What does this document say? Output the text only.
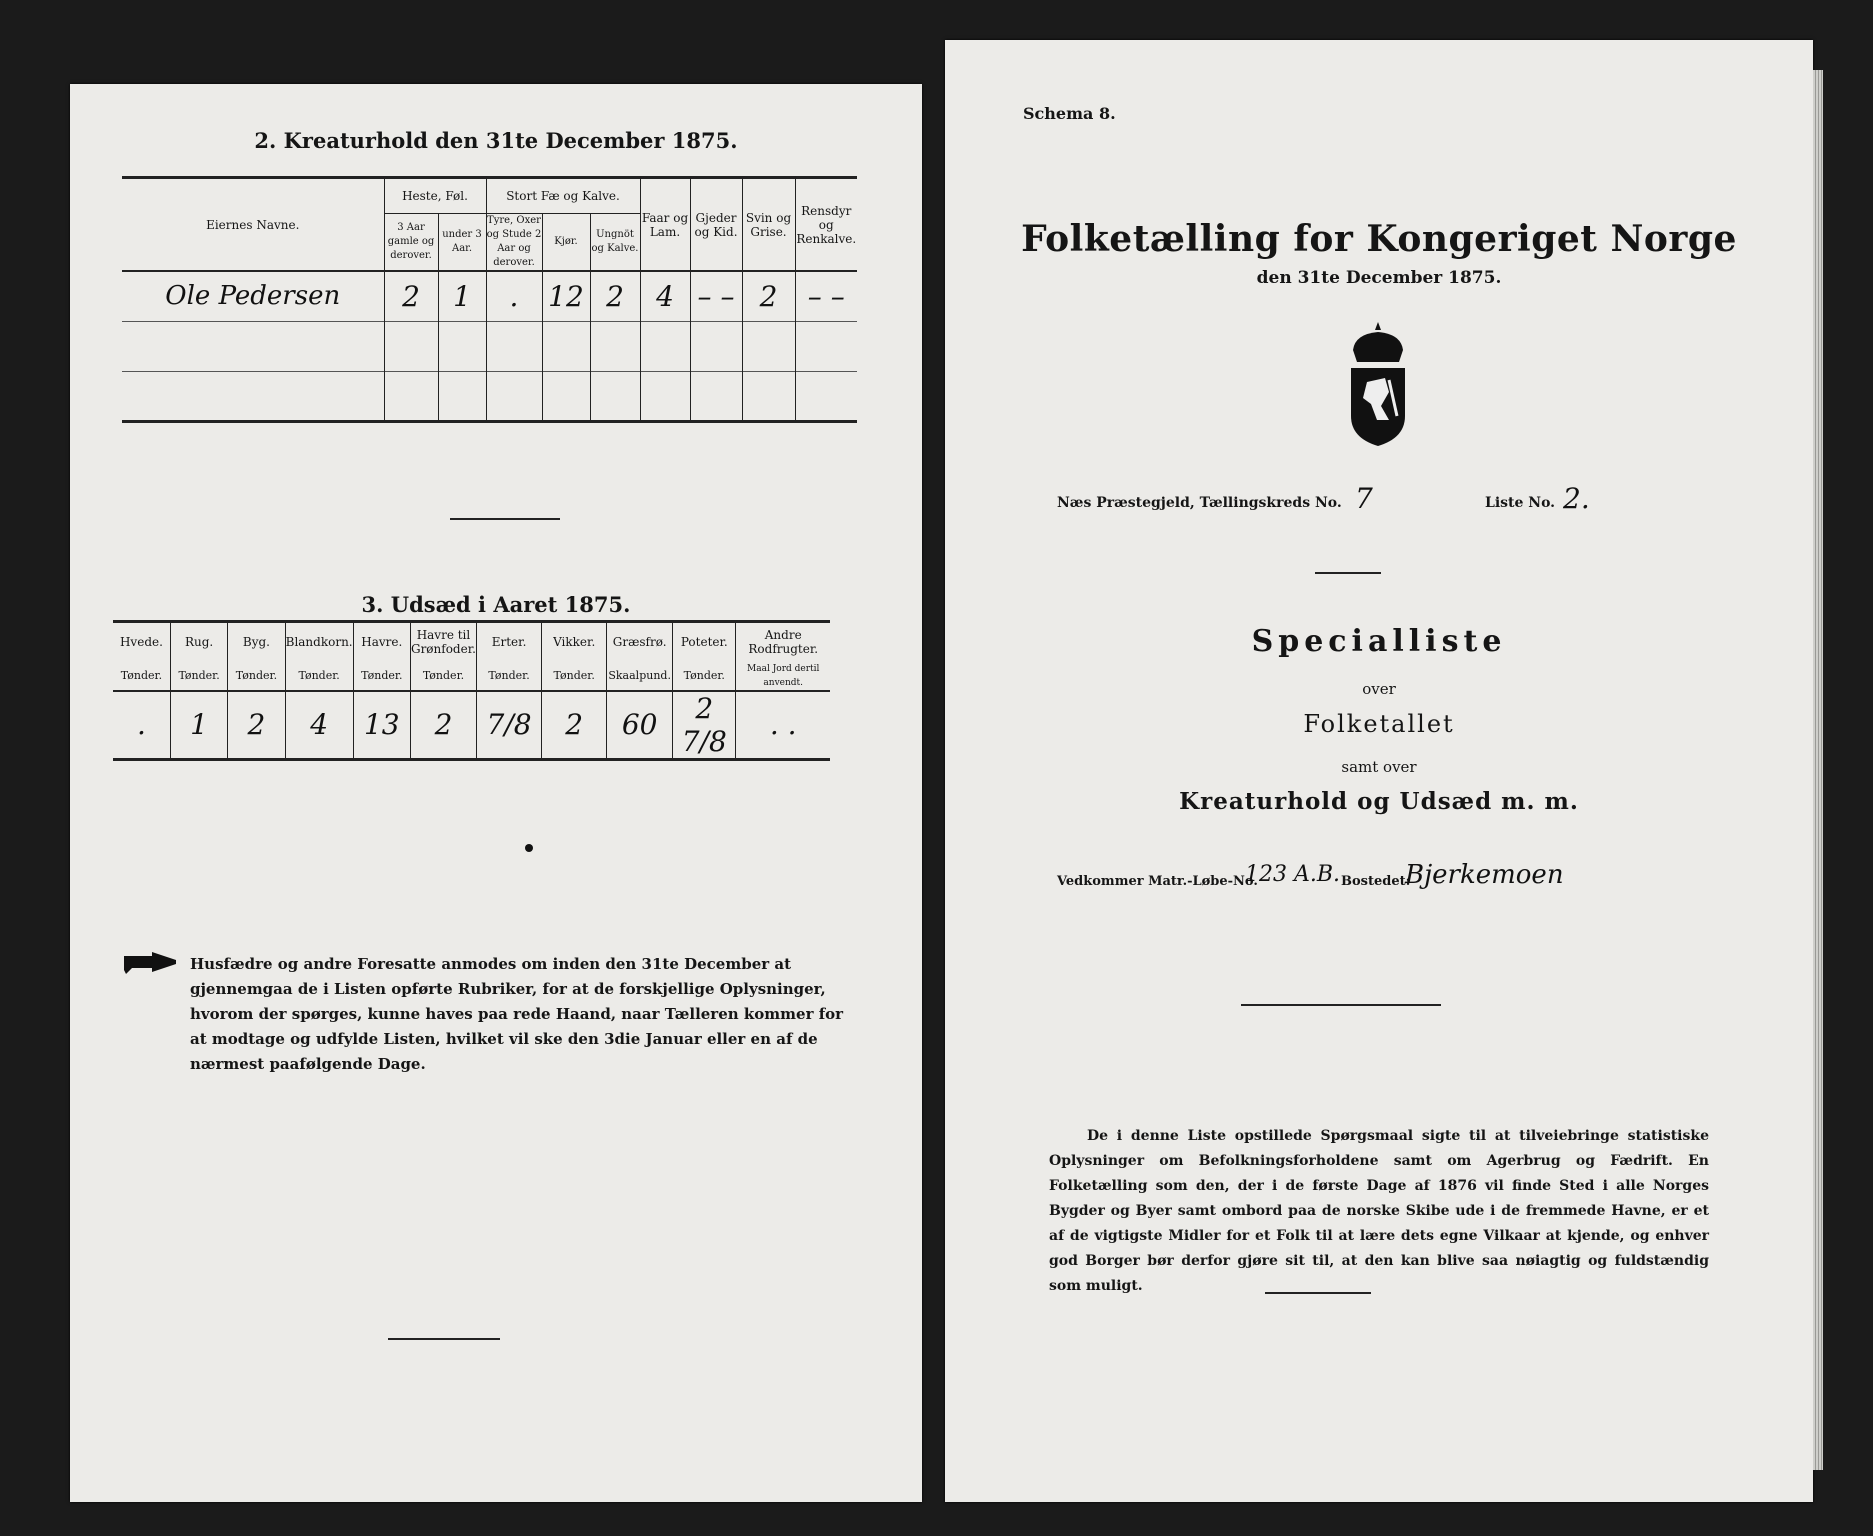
2. Kreaturhold den 31te December 1875.
Eiernes Navne.	Heste, Føl.		Stort Fæ og Kalve.			Faar og Lam.	Gjeder og Kid.	Svin og Grise.	Rensdyr og Renkalve.
	3 Aar gamle og derover.	under 3 Aar.	Tyre, Oxer og Stude 2 Aar og derover.	Kjør.	Ungnöt og Kalve.				
Ole Pedersen	2	1	.	12	2	4	– –	2	– –

3. Udsæd i Aaret 1875.
Hvede.	Rug.	Byg.	Blandkorn.	Havre.	Havre til Grønfoder.	Erter.	Vikker.	Græsfrø.	Poteter.	Andre Rodfrugter.
Tønder.	Tønder.	Tønder.	Tønder.	Tønder.	Tønder.	Tønder.	Tønder.	Skaalpund.	Tønder.	Maal Jord dertil anvendt.
.	1	2	4	13	2	7/8	2	60	2 7/8	. .
Husfædre og andre Foresatte anmodes om inden den 31te December at gjennemgaa de i Listen opførte Rubriker, for at de forskjellige Oplysninger, hvorom der spørges, kunne haves paa rede Haand, naar Tælleren kommer for at modtage og udfylde Listen, hvilket vil ske den 3die Januar eller en af de nærmest paafølgende Dage.
Schema 8.
Folketælling for Kongeriget Norge
den 31te December 1875.
Næs Præstegjeld, Tællingskreds No. 7	Liste No. 2.
Specialliste
over
Folketallet
samt over
Kreaturhold og Udsæd m. m.
Vedkommer Matr.-Løbe-No.
123 A.B. Bostedet:
Bjerkemoen
De i denne Liste opstillede Spørgsmaal sigte til at tilveiebringe statistiske Oplysninger om Befolkningsforholdene samt om Agerbrug og Fædrift. En Folketælling som den, der i de første Dage af 1876 vil finde Sted i alle Norges Bygder og Byer samt ombord paa de norske Skibe ude i de fremmede Havne, er et af de vigtigste Midler for et Folk til at lære dets egne Vilkaar at kjende, og enhver god Borger bør derfor gjøre sit til, at den kan blive saa nøiagtig og fuldstændig som muligt.
